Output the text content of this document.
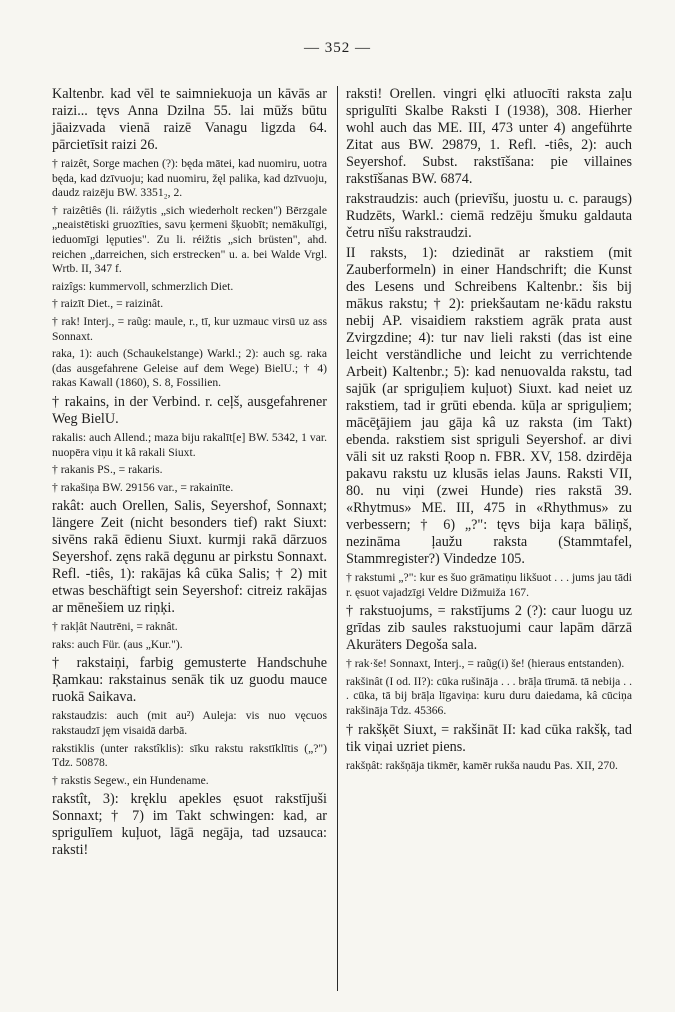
— 352 —

Kaltenbr. kad vēl te saimniekuoja un kāvās ar raizi... tęvs Anna Dzilna 55. lai mūžs būtu jāaizvada vienā raizē Vanagu ligzda 64. pārcietīsit raizi 26.

† raizêt, Sorge machen (?): będa mātei, kad nuomiru, uotra będa, kad dzīvuoju; kad nuomiru, žęl palika, kad dzīvuoju, daudz raizēju BW. 3351₂, 2.

† raizêtiês (li. ráižytis „sich wiederholt recken") Bērzgale „neaistētiski gruozīties, savu ķermeni šķuobīt; nemākulīgi, ieduomīgi lęputies". Zu li. réižtis „sich brüsten", ahd. reichen „darreichen, sich erstrecken" u. a. bei Walde Vrgl. Wrtb. II, 347 f.

raizîgs: kummervoll, schmerzlich Diet.

† raizīt Diet., = raizinât.

† rak! Interj., = raũg: maule, r., tī, kur uzmauc virsū uz ass Sonnaxt.

raka, 1): auch (Schaukelstange) Warkl.; 2): auch sg. raka (das ausgefahrene Geleise auf dem Wege) BielU.; † 4) rakas Kawall (1860), S. 8, Fossilien.

† rakains, in der Verbind. r. ceļš, ausgefahrener Weg BielU.

rakalis: auch Allend.; maza biju rakalīt[e] BW. 5342, 1 var. nuopēra viņu it kâ rakali Siuxt.

† rakanis PS., = rakaris.

† rakašiņa BW. 29156 var., = rakainīte.

rakât: auch Orellen, Salis, Seyershof, Sonnaxt; längere Zeit (nicht besonders tief) rakt Siuxt: sivēns rakā ēdienu Siuxt. kurmji rakā dārzuos Seyershof. zęns rakā dęgunu ar pirkstu Sonnaxt. Refl. -tiês, 1): rakājas kâ cūka Salis; † 2) mit etwas beschäftigt sein Seyershof: citreiz rakājas ar mēnešiem uz riņķi.

† rakļât Nautrēni, = raknât.

raks: auch Für. (aus „Kur.").

† rakstaiņi, farbig gemusterte Handschuhe Ŗamkau: rakstainus senāk tik uz guodu mauce ruokā Saikava.

rakstaudzis: auch (mit au²) Auleja: vis nuo vęcuos rakstaudzī jęm visaidā darbā.

rakstiklis (unter rakstîklis): sīku rakstu rakstīklītis („?") Tdz. 50878.

† rakstis Segew., ein Hundename.

rakstît, 3): kręklu apekles ęsuot rakstījuši Sonnaxt; † 7) im Takt schwingen: kad, ar sprigulīem kuļuot, lāgā negāja, tad uzsauca: raksti!

raksti! Orellen. vingri ęlki atluocīti raksta zaļu sprigulīti Skalbe Raksti I (1938), 308. Hierher wohl auch das ME. III, 473 unter 4) angeführte Zitat aus BW. 29879, 1. Refl. -tiês, 2): auch Seyershof. Subst. rakstīšana: pie villaines rakstīšanas BW. 6874.

rakstraudzis: auch (prievīšu, juostu u. c. paraugs) Rudzēts, Warkl.: ciemā redzēju šmuku galdauta četru nīšu rakstraudzi.

II raksts, 1): dziedināt ar rakstiem (mit Zauberformeln) in einer Handschrift; die Kunst des Lesens und Schreibens Kaltenbr.: šis bij mākus rakstu; † 2): priekšautam ne·kādu rakstu nebij AP. visaidiem rakstiem agrāk prata aust Zvirgzdine; 4): tur nav lieli raksti (das ist eine leicht verständliche und leicht zu verrichtende Arbeit) Kaltenbr.; 5): kad nenuovalda rakstu, tad sajūk (ar spriguļiem kuļuot) Siuxt. kad neiet uz rakstiem, tad ir grūti ebenda. kūļa ar spriguļiem; mācēţājiem jau gāja kâ uz raksta (im Takt) ebenda. rakstiem sist spriguli Seyershof. ar divi vāli sit uz raksti Ŗoop n. FBR. XV, 158. dzirdēja pakavu rakstu uz klusās ielas Jauns. Raksti VII, 80. nu viņi (zwei Hunde) ries rakstā 39. «Rhytmus» ME. III, 475 in «Rhythmus» zu verbessern; † 6) „?": tęvs bija kaŗa bāliņš, nezināma ļaužu raksta (Stammtafel, Stammregister?) Vindedze 105.

† rakstumi „?": kur es šuo grāmatiņu likšuot . . . jums jau tādi r. ęsuot vajadzīgi Veldre Dižmuiža 167.

† rakstuojums, = rakstījums 2 (?): caur luogu uz grīdas zib saules rakstuojumi caur lapām dārzā Akuräters Degoša sala.

† rak·še! Sonnaxt, Interj., = raũg(i) še! (hieraus entstanden).

rakšinât (I od. II?): cūka rušināja . . . brāļa tīrumā. tā nebija . . . cūka, tā bij brāļa līgaviņa: kuru duru daiedama, kâ cūciņa rakšināja Tdz. 45366.

† rakšķēt Siuxt, = rakšināt II: kad cūka rakšķ, tad tik viņai uzriet piens.

rakšņât: rakšņāja tikmēr, kamēr rukša naudu Pas. XII, 270.
